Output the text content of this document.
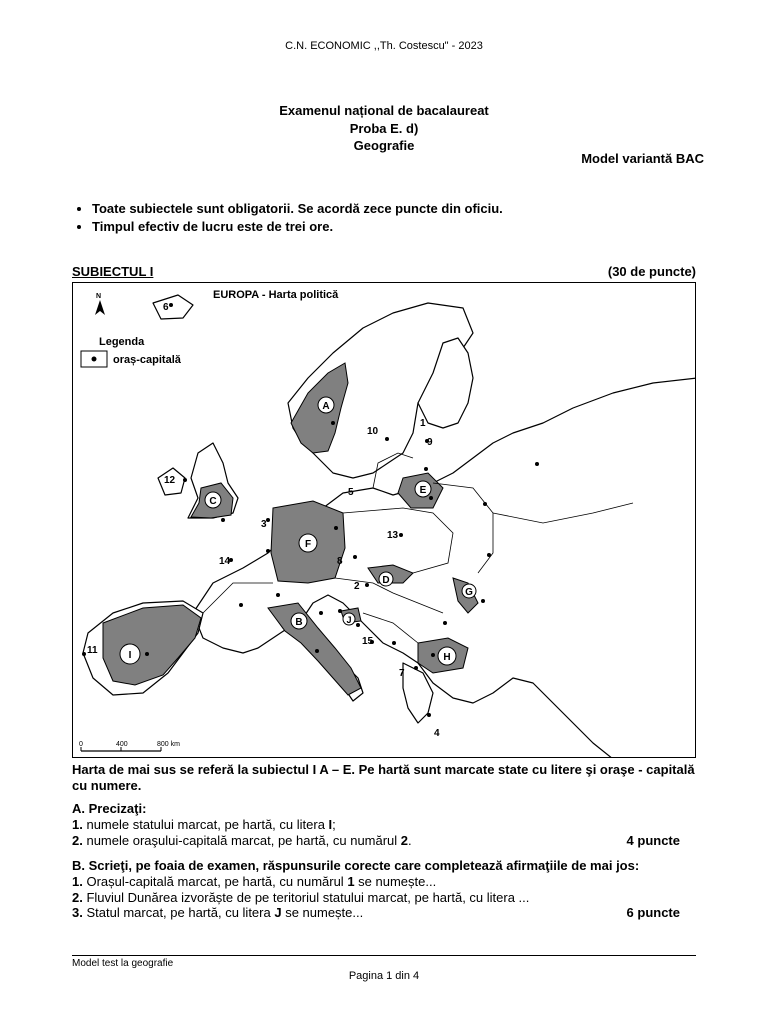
C.N. ECONOMIC ,,Th. Costescu" - 2023
Examenul național de bacalaureat
Proba E. d)
Geografie
Model variantă BAC
• Toate subiectele sunt obligatorii. Se acordă zece puncte din oficiu.
• Timpul efectiv de lucru este de trei ore.
SUBIECTUL I	(30 de puncte)
EUROPA - Harta politică
N
Legenda
oraș-capitală
A
B
C
D
E
F
G
H
I
J
1
2
3
4
5
6
7
8
9
10
11
12
13
14
15
0	400	800 km
Harta de mai sus se referă la subiectul I A – E. Pe hartă sunt marcate state cu litere şi oraşe - capitală cu numere.
A. Precizaţi:
1. numele statului marcat, pe hartă, cu litera I;
2. numele oraşului-capitală marcat, pe hartă, cu numărul 2.	4 puncte
B. Scrieţi, pe foaia de examen, răspunsurile corecte care completează afirmaţiile de mai jos:
1. Orașul-capitală marcat, pe hartă, cu numărul 1 se numește...
2. Fluviul Dunărea izvorăște de pe teritoriul statului marcat, pe hartă, cu litera ...
3. Statul marcat, pe hartă, cu litera J se numește...	6 puncte
Model test la geografie
Pagina 1 din 4
